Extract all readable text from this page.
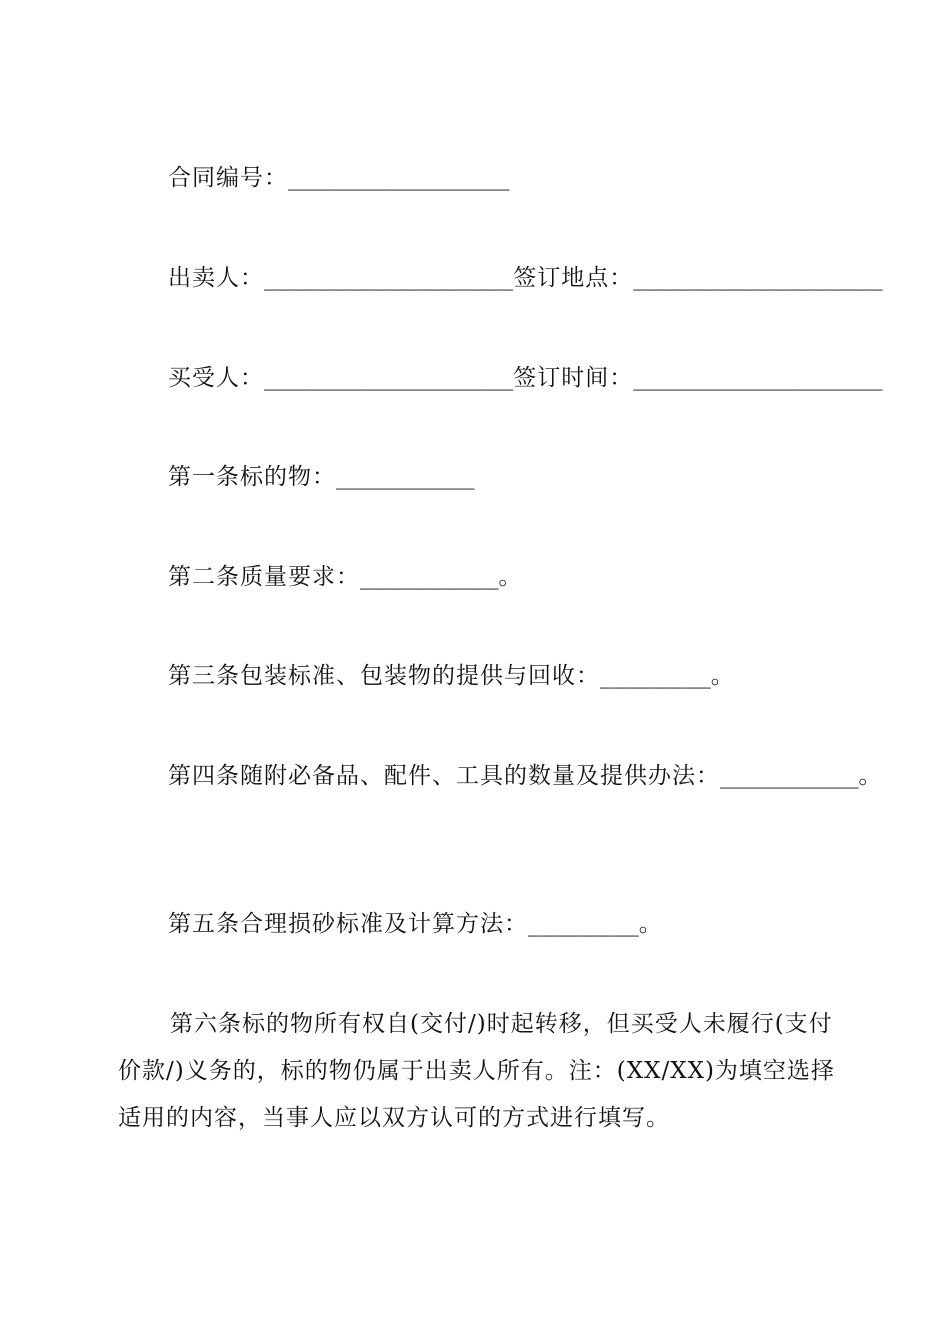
合同编号：________________
出卖人：__________________签订地点：__________________
买受人：__________________签订时间：__________________
第一条标的物：__________
第二条质量要求：__________。
第三条包装标准、包装物的提供与回收：________。
第四条随附必备品、配件、工具的数量及提供办法：__________。
第五条合理损砂标准及计算方法：________。
第六条标的物所有权自(交付/)时起转移，但买受人未履行(支付价款/)义务的，标的物仍属于出卖人所有。注：(XX/XX)为填空选择适用的内容，当事人应以双方认可的方式进行填写。
